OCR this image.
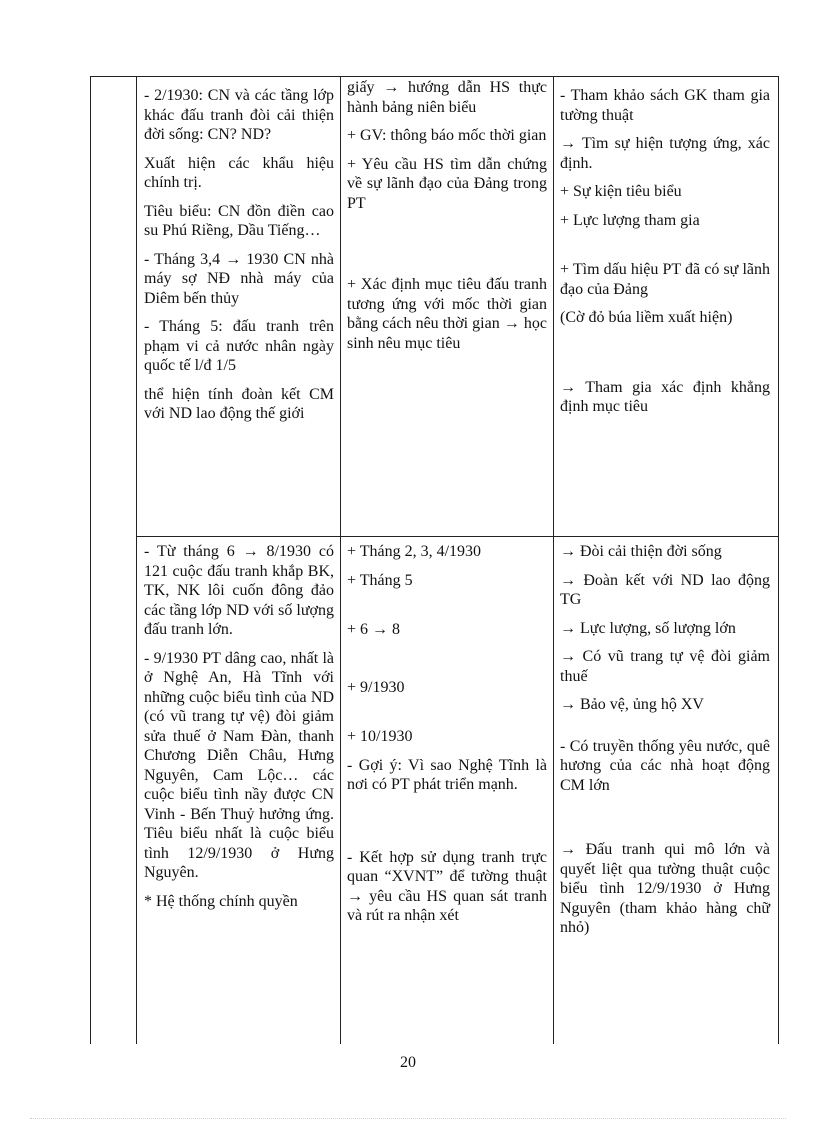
- 2/1930: CN và các tầng lớp khác đấu tranh đòi cải thiện đời sống: CN? ND?

Xuất hiện các khẩu hiệu chính trị.

Tiêu biểu: CN đồn điền cao su Phú Riềng, Dầu Tiếng…

- Tháng 3,4 → 1930 CN nhà máy sợ NĐ nhà máy của Diêm bến thủy

- Tháng 5: đấu tranh trên phạm vi cả nước nhân ngày quốc tế l/đ 1/5

thể hiện tính đoàn kết CM với ND lao động thế giới

giấy → hướng dẫn HS thực hành bảng niên biểu

+ GV: thông báo mốc thời gian

+ Yêu cầu HS tìm dẫn chứng về sự lãnh đạo của Đảng trong PT

+ Xác định mục tiêu đấu tranh tương ứng với mốc thời gian bằng cách nêu thời gian → học sinh nêu mục tiêu

- Tham khảo sách GK tham gia tường thuật

→ Tìm sự hiện tượng ứng, xác định.

+ Sự kiện tiêu biểu

+ Lực lượng tham gia

+ Tìm dấu hiệu PT đã có sự lãnh đạo của Đảng

(Cờ đỏ búa liềm xuất hiện)

→ Tham gia xác định khẳng định mục tiêu

- Từ tháng 6 → 8/1930 có 121 cuộc đấu tranh khắp BK, TK, NK lôi cuốn đông đảo các tầng lớp ND với số lượng đấu tranh lớn.

- 9/1930 PT dâng cao, nhất là ở Nghệ An, Hà Tĩnh với những cuộc biểu tình của ND (có vũ trang tự vệ) đòi giảm sửa thuế ở Nam Đàn, thanh Chương Diễn Châu, Hưng Nguyên, Cam Lộc… các cuộc biểu tình nầy được CN Vinh - Bến Thuỷ hưởng ứng. Tiêu biểu nhất là cuộc biểu tình 12/9/1930 ở Hưng Nguyên.

* Hệ thống chính quyền

+ Tháng 2, 3, 4/1930

+ Tháng 5

+ 6 → 8

+ 9/1930

+ 10/1930

- Gợi ý: Vì sao Nghệ Tĩnh là nơi có PT phát triển mạnh.

- Kết hợp sử dụng tranh trực quan “XVNT” để tường thuật → yêu cầu HS quan sát tranh và rút ra nhận xét

→ Đòi cải thiện đời sống

→ Đoàn kết với ND lao động TG

→ Lực lượng, số lượng lớn

→ Có vũ trang tự vệ đòi giảm thuế

→ Bảo vệ, ủng hộ XV

- Có truyền thống yêu nước, quê hương của các nhà hoạt động CM lớn

→ Đấu tranh qui mô lớn và quyết liệt qua tường thuật cuộc biểu tình 12/9/1930 ở Hưng Nguyên (tham khảo hàng chữ nhỏ)

20
